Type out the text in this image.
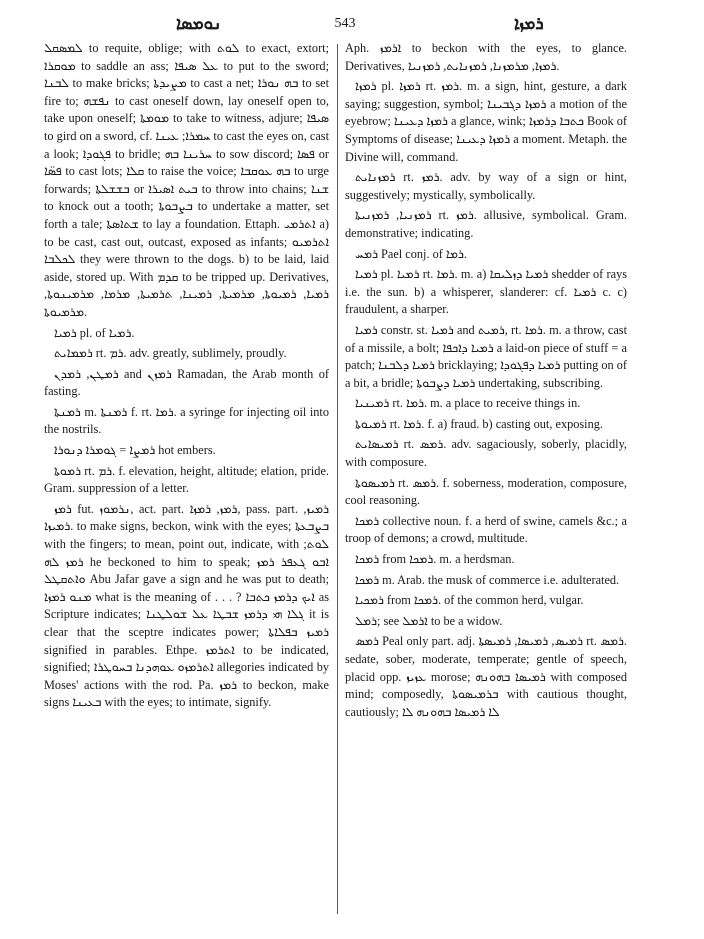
ܢܘܡܣܐ	543	ܪܡܙܐ

ܠܡܣܩܠ to requite, oblige; with ܠܘܬ to exact, extort; ܡܘܩܪܐ to saddle an ass; ܥܠ ܣܝܦܐ to put to the sword; ܠܒܢܐ to make bricks; ܡܨܝܕܬܐ to cast a net; ܒܗ ܢܘܪܐ to set fire to; ܢܦܫܗ to cast oneself down, lay oneself open to, take upon oneself; ܡܘܡܬܐ to take to witness, adjure; ܣܝܦܐ to gird on a sword, cf. ܚܡܪܐ; ܥܝܢܐ to cast the eyes on, cast a look; ܦܓܘܕܐ to bridle; ܚܪܝܢܐ ܒܗ to sow discord; ܦܣܐ or ܦܣ̈ܐ to cast lots; ܩܠܐ to raise the voice; ܒܗ ܥܘܩܒܐ to urge forwards; ܒܫܫܠܬܐ or ܒܝܬ ܐܣܝܪܐ to throw into chains; ܫܢܐ to knock out a tooth; ܒܨܒܘܬܐ to undertake a matter, set forth a tale; ܫܬܐܣܬܐ to lay a foundation. Ettaph. ܐܬܪܡܝ a) to be cast, cast out, outcast, exposed as infants; ܐܬܪܡܝܘ ܠܟܠܒܐ they were thrown to the dogs. b) to be laid, laid aside, stored up. With ܩܕܡ to be tripped up. Derivatives, ܪܡܝܐ, ܪܡܝܘܬܐ, ܡܪܡܝܬܐ, ܪܡܝܢܐ, ܬܪܡܝܬܐ, ܡܪܡܐ, ܡܪܡܝܢܘܬܐ, ܡܪܡܝܘܬܐ.

ܪܡܝܐ pl. of ܪܡܝܐ.

ܪܡܡܐܝܬ rt. ܪܡ. adv. greatly, sublimely, proudly.

ܪܡܛܢ, ܪܡܕܢ and ܪܡܙܢ Ramadan, the Arab month of fasting.

ܪܡܢܬܐ m. ܪܡܢܬܐ f. rt. ܪܡܐ. a syringe for injecting oil into the nostrils.

ܪܡܨܐ = ܓܘܡܪܐ ܕܢܘܪܐ hot embers.

ܪܡܘܬܐ rt. ܪܡ. f. elevation, height, altitude; elation, pride. Gram. suppression of a letter.

ܪܡܙ fut. ܢܪܡܘܙ, act. part. ܪܡܙ, ܪܡܙܐ, pass. part. ܪܡܝܙ, ܪܡܝܙܐ. to make signs, beckon, wink with the eyes; ܒܨܒܥܬܐ with the fingers; to mean, point out, indicate, with ܠܘܬ; ܪܡܙ ܠܗ he beckoned to him to speak; ܐܒܘ ܓܥܦܪ ܪܡܙ ܘܐܬܩܛܠ Abu Jafar gave a sign and he was put to death; ܡܢܘ ܪܡܙܐ what is the meaning of . . . ? ܐܝܟ ܕܪܡܙ ܟܬܒܐ as Scripture indicates; ܓܠܐ ܗܝ ܕܪܡܙ ܫܒܛܐ ܥܠ ܫܘܠܛܢܐ it is clear that the sceptre indicates power; ܪܡܝܙ ܒܦܠܐܬܐ signified in parables. Ethpe. ܐܬܪܡܙ to be indicated, signified; ܐܬܪܡܙܘ ܥܘܗܕܢܐ ܒܚܘܛܪܐ allegories indicated by Moses' actions with the rod. Pa. ܪܡܙ to beckon, make signs ܒܥܝܢܐ with the eyes; to intimate, signify.

Aph. ܐܪܡܙ to beckon with the eyes, to glance. Derivatives, ܪܡܙܐ, ܡܪܡܙܢܐ, ܪܡܙܢܐܝܬ, ܪܡܙܢܝܐ.

ܪܡܙܐ pl. ܪܡܙܐ rt. ܪܡܙ. m. a sign, hint, gesture, a dark saying; suggestion, symbol; ܪܡܙܐ ܕܓܒܝܢܐ a motion of the eyebrow; ܪܡܙܐ ܕܥܝܢܐ a glance, wink; ܟܬܒܐ ܕܪܡܙܐ Book of Symptoms of disease; ܪܡܙܐ ܕܥܝܢܐ a moment. Metaph. the Divine will, command.

ܪܡܙܢܐܝܬ rt. ܪܡܙ. adv. by way of a sign or hint, suggestively; mystically, symbolically.

ܪܡܙܢܝܐ, ܪܡܙܢܝܬܐ rt. ܪܡܙ. allusive, symbolical. Gram. demonstrative; indicating.

ܪܡܚ Pael conj. of ܪܡܐ.

ܪܡܝܐ pl. ܪܡܝܐ rt. ܪܡܐ. m. a) ܪܡܝܐ ܕܙܠܝܩܐ shedder of rays i.e. the sun. b) a whisperer, slanderer: cf. ܪܡܝܐ c. c) fraudulent, a sharper.

ܪܡܝܐ constr. st. ܪܡܝܐ and ܪܡܝܬ, rt. ܪܡܐ. m. a throw, cast of a missile, a bolt; ܪܡܝܐ ܕܐܟܦܐ a laid-on piece of stuff = a patch; ܪܡܝܐ ܕܠܒܢܐ bricklaying; ܪܡܝܐ ܕܦܓܘܕܐ putting on of a bit, a bridle; ܪܡܝܐ ܕܨܒܘܬܐ undertaking, subscribing.

ܪܡܝܢܝܐ rt. ܪܡܐ. m. a place to receive things in.

ܪܡܝܘܬܐ rt. ܪܡܐ. f. a) fraud. b) casting out, exposing.

ܪܡܝܣܐܝܬ rt. ܪܡܣ. adv. sagaciously, soberly, placidly, with composure.

ܪܡܝܣܘܬܐ rt. ܪܡܣ. f. soberness, moderation, composure, cool reasoning.

ܪܡܟܐ collective noun. f. a herd of swine, camels &c.; a troop of demons; a crowd, multitude.

ܪܡܟܐ from ܪܡܟܐ. m. a herdsman.

ܪܡܟܐ m. Arab. the musk of commerce i.e. adulterated.

ܪܡܟܝܐ from ܪܡܟܐ. of the common herd, vulgar.

ܪܡܠ; see ܐܪܡܠ to be a widow.

ܪܡܣ Peal only part. adj. ܪܡܝܣ, ܪܡܝܣܐ, ܪܡܝܣܬܐ rt. ܪܡܣ. sedate, sober, moderate, temperate; gentle of speech, placid opp. ܥܙܝܙ morose; ܪܡܝܣܐ ܒܗܘܢܗ with composed mind; composedly, ܒܪܡܝܣܘܬܐ with cautious thought, cautiously; ܠܐ ܪܡܝܣܐ ܒܗܘܢܗ ܠܐ
